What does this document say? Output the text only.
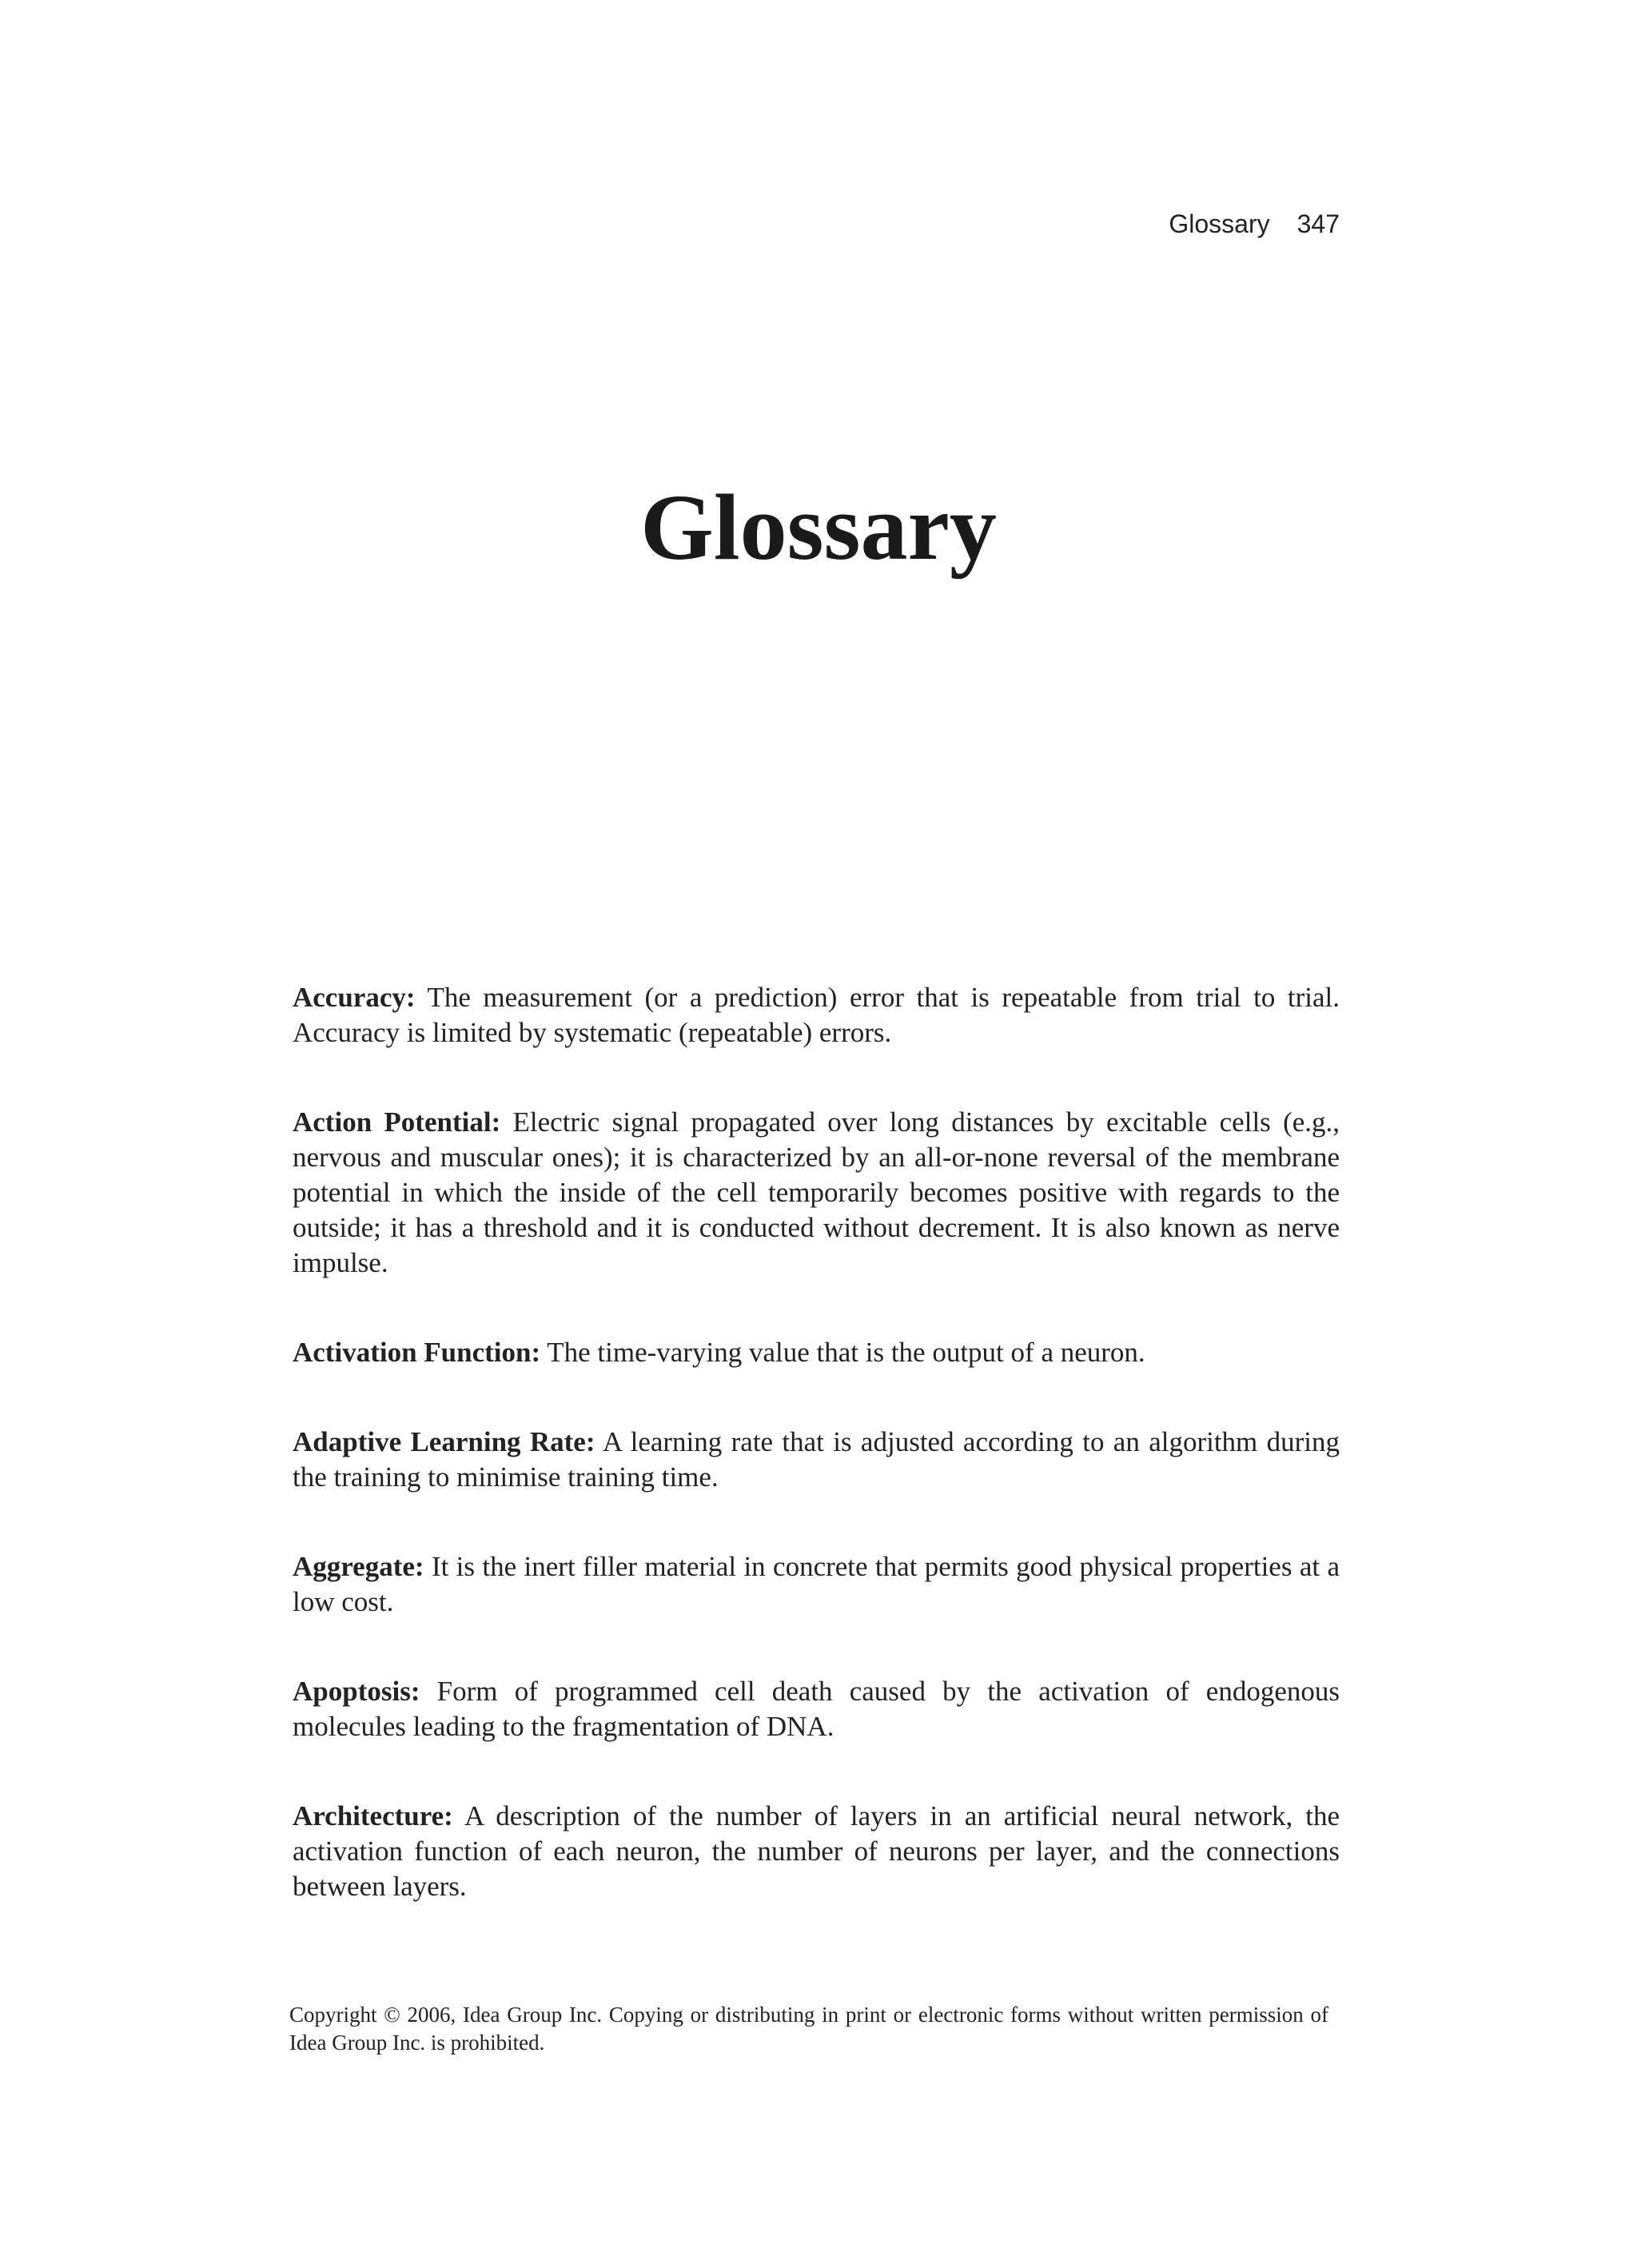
Glossary 347
Glossary

Accuracy: The measurement (or a prediction) error that is repeatable from trial to trial. Accuracy is limited by systematic (repeatable) errors.

Action Potential: Electric signal propagated over long distances by excitable cells (e.g., nervous and muscular ones); it is characterized by an all-or-none reversal of the membrane potential in which the inside of the cell temporarily becomes positive with regards to the outside; it has a threshold and it is conducted without decrement. It is also known as nerve impulse.

Activation Function: The time-varying value that is the output of a neuron.

Adaptive Learning Rate: A learning rate that is adjusted according to an algorithm during the training to minimise training time.

Aggregate: It is the inert filler material in concrete that permits good physical properties at a low cost.

Apoptosis: Form of programmed cell death caused by the activation of endogenous molecules leading to the fragmentation of DNA.

Architecture: A description of the number of layers in an artificial neural network, the activation function of each neuron, the number of neurons per layer, and the connections between layers.

Copyright © 2006, Idea Group Inc. Copying or distributing in print or electronic forms without written permission of Idea Group Inc. is prohibited.
